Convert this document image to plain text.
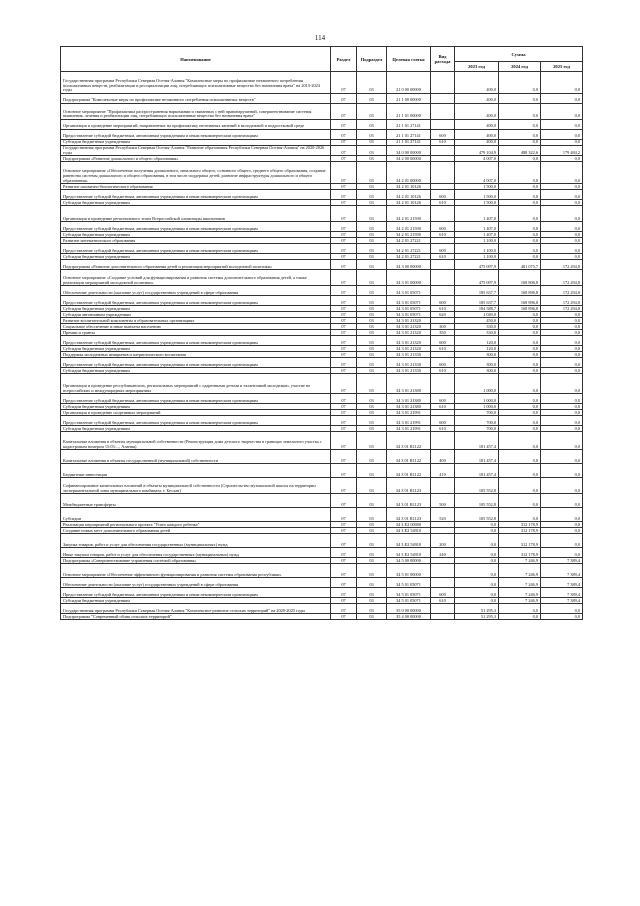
114
Наименование	Раздел	Подраздел	Целевая статья	Вид расхода	Сумма		
					2023 год	2024 год	2025 год
Государственная программа Республики Северная Осетия-Алания "Комплексные меры по профилактике незаконного потребления психоактивных веществ, реабилитации и ресоциализации лиц, потребляющих психоактивные вещества без назначения врача" на 2013-2024 годы	07	03	21 0 00 00000		400,0	0,0	0,0
Подпрограмма "Комплексные меры по профилактике незаконного потребления психоактивных веществ"	07	03	21 1 00 00000		400,0	0,0	0,0
Основное мероприятие "Профилактика распространения наркомании и связанных с ней правонарушений, совершенствование системы выявления, лечения и реабилитации лиц, потребляющих психоактивные вещества без назначения врача"	07	03	21 1 01 00000		400,0	0,0	0,0
Организация и проведение мероприятий, направленных на профилактику негативных явлений в молодежной и подростковой среде	07	03	21 1 01 27141		400,0	0,0	0,0
Предоставление субсидий бюджетным, автономным учреждениям и иным некоммерческим организациям	07	03	21 1 01 27141	600	400,0	0,0	0,0
Субсидии бюджетным учреждениям	07	03	21 1 01 27141	610	400,0	0,0	0,0
Государственная программа Республики Северная Осетия-Алания "Развитие образования Республики Северная Осетия-Алания" на 2020-2026 годы	07	03	34 0 00 00000		479 104,9	488 322,6	179 484,2
Подпрограмма «Развитие дошкольного и общего образования»	07	03	34 2 00 00000		4 007,0	0,0	0,0
Основное мероприятие «Обеспечение получения дошкольного, начального общего, основного общего, среднего общего образования, создание равенства системы дошкольного и общего образования, в том числе поддержка детей, развитие инфраструктуры дошкольного и общего образования»	07	03	34 2 01 00000		4 007,0	0,0	0,0
Развитие шахматно-биологического образования	07	03	34 2 01 10126		1 500,0	0,0	0,0
Предоставление субсидий бюджетным, автономным учреждениям и иным некоммерческим организациям	07	03	34 2 01 10126	600	1 500,0	0,0	0,0
Субсидии бюджетным учреждениям	07	03	34 2 01 10126	610	1 500,0	0,0	0,0
Организация и проведение регионального этапа Всероссийской олимпиады школьников	07	03	34 2 01 21590		1 407,0	0,0	0,0
Предоставление субсидий бюджетным, автономным учреждениям и иным некоммерческим организациям	07	03	34 2 01 21590	600	1 407,0	0,0	0,0
Субсидии бюджетным учреждениям	07	03	34 2 01 21590	610	1 407,0	0,0	0,0
Развитие математического образования	07	03	34 2 01 27221		1 100,0	0,0	0,0
Предоставление субсидий бюджетным, автономным учреждениям и иным некоммерческим организациям	07	03	34 2 01 27221	600	1 100,0	0,0	0,0
Субсидии бюджетным учреждениям	07	03	34 2 01 27221	610	1 100,0	0,0	0,0
Подпрограмма «Развитие дополнительного образования детей и реализация мероприятий молодежной политики»	07	03	34 3 00 00000		475 097,9	481 075,7	172 294,8
Основное мероприятие «Создание условий для функционирования и развития системы дополнительного образования детей, а также реализации мероприятий молодежной политики»	07	03	34 3 01 00000		475 097,9	168 806,8	172 294,8
Обеспечение деятельности (оказание услуг) государственных учреждений в сфере образования	07	03	34 3 01 05071		185 637,7	168 896,8	172 294,8
Предоставление субсидий бюджетным, автономным учреждениям и иным некоммерческим организациям	07	03	34 3 01 05071	600	185 637,7	168 896,8	172 294,8
Субсидии бюджетным учреждениям	07	03	34 3 01 05071	610	184 588,7	168 896,8	172 294,8
Субсидии автономным учреждениям	07	03	34 3 01 05071	620	1 049,0	0,0	0,0
Развитие воспитательной компоненты в образовательных организациях	07	03	34 3 01 21320		450,0	0,0	0,0
Социальное обеспечение и иные выплаты населению	07	03	34 3 01 21320	300	330,0	0,0	0,0
Премии и гранты	07	03	34 3 01 21320	350	330,0	0,0	0,0
Предоставление субсидий бюджетным, автономным учреждениям и иным некоммерческим организациям	07	03	34 3 01 21320	600	120,0	0,0	0,0
Субсидии бюджетным учреждениям	07	03	34 3 01 21320	610	120,0	0,0	0,0
Поддержка молодежных инициатив и патриотического воспитания	07	03	34 3 01 21330		300,0	0,0	0,0
Предоставление субсидий бюджетным, автономным учреждениям и иным некоммерческим организациям	07	03	34 3 01 21330	600	300,0	0,0	0,0
Субсидии бюджетным учреждениям	07	03	34 3 01 21330	610	300,0	0,0	0,0
Организация и проведение республиканских, региональных мероприятий с одаренными детьми и талантливой молодежью, участие во всероссийских и международных мероприятиях	07	03	34 3 01 21380		1 000,0	0,0	0,0
Предоставление субсидий бюджетным, автономным учреждениям и иным некоммерческим организациям	07	03	34 3 01 21380	600	1 000,0	0,0	0,0
Субсидии бюджетным учреждениям	07	03	34 3 01 21380	610	1 000,0	0,0	0,0
Организация и проведение спортивных мероприятий	07	03	34 3 01 21991		700,0	0,0	0,0
Предоставление субсидий бюджетным, автономным учреждениям и иным некоммерческим организациям	07	03	34 3 01 21991	600	700,0	0,0	0,0
Субсидии бюджетным учреждениям	07	03	34 3 01 21991	610	700,0	0,0	0,0
Капитальные вложения в объекты муниципальной собственности (Реконструкция дома детского творчества в границах земельного участка с кадастровым номером 15:03:..., Алания)	07	03	34 3 01 R1122		181 457,4	0,0	0,0
Капитальные вложения в объекты государственной (муниципальной) собственности	07	03	34 3 01 R1122	400	181 457,4	0,0	0,0
Бюджетные инвестиции	07	03	34 3 01 R1122	410	181 457,4	0,0	0,0
Софинансирование капитальных вложений в объекты муниципальной собственности (Строительство музыкальной школы на территории экспериментальной зоны муниципального комбината, г. Беслан)	07	03	34 3 01 R1123		105 552,8	0,0	0,0
Межбюджетные трансферты	07	03	34 3 01 R1123	500	105 552,8	0,0	0,0
Субсидии	07	03	34 3 01 R1123	520	105 552,8	0,0	0,0
Реализация мероприятий регионального проекта "Успех каждого ребенка"	07	03	34 3 E2 00000		0,0	312 178,9	0,0
Создание новых мест дополнительного образования детей	07	03	34 3 E2 54910		0,0	312 178,9	0,0
Закупка товаров, работ и услуг для обеспечения государственных (муниципальных) нужд	07	03	34 3 E2 54910	200	0,0	312 178,9	0,0
Иные закупки товаров, работ и услуг для обеспечения государственных (муниципальных) нужд	07	03	34 3 E2 54910	240	0,0	312 178,9	0,0
Подпрограмма «Совершенствование управления системой образования»	07	03	34 5 00 00000		0,0	7 246,9	7 389,4
Основное мероприятие «Обеспечение эффективного функционирования и развития системы образования республики»	07	03	34 5 01 00000		0,0	7 246,9	7 389,4
Обеспечение деятельности (оказание услуг) государственных учреждений в сфере образования	07	03	34 5 01 05071		0,0	7 246,9	7 389,4
Предоставление субсидий бюджетным, автономным учреждениям и иным некоммерческим организациям	07	03	34 5 01 05071	600	0,0	7 246,9	7 389,4
Субсидии бюджетным учреждениям	07	03	34 5 01 05071	610	0,0	7 246,9	7 389,4
Государственная программа Республики Северная Осетия-Алания "Комплексное развитие сельских территорий" на 2020-2025 годы	07	03	35 0 00 00000		51 295,3	0,0	0,0
Подпрограмма "Современный облик сельских территорий"	07	03	35 4 00 00000		51 295,3	0,0	0,0
